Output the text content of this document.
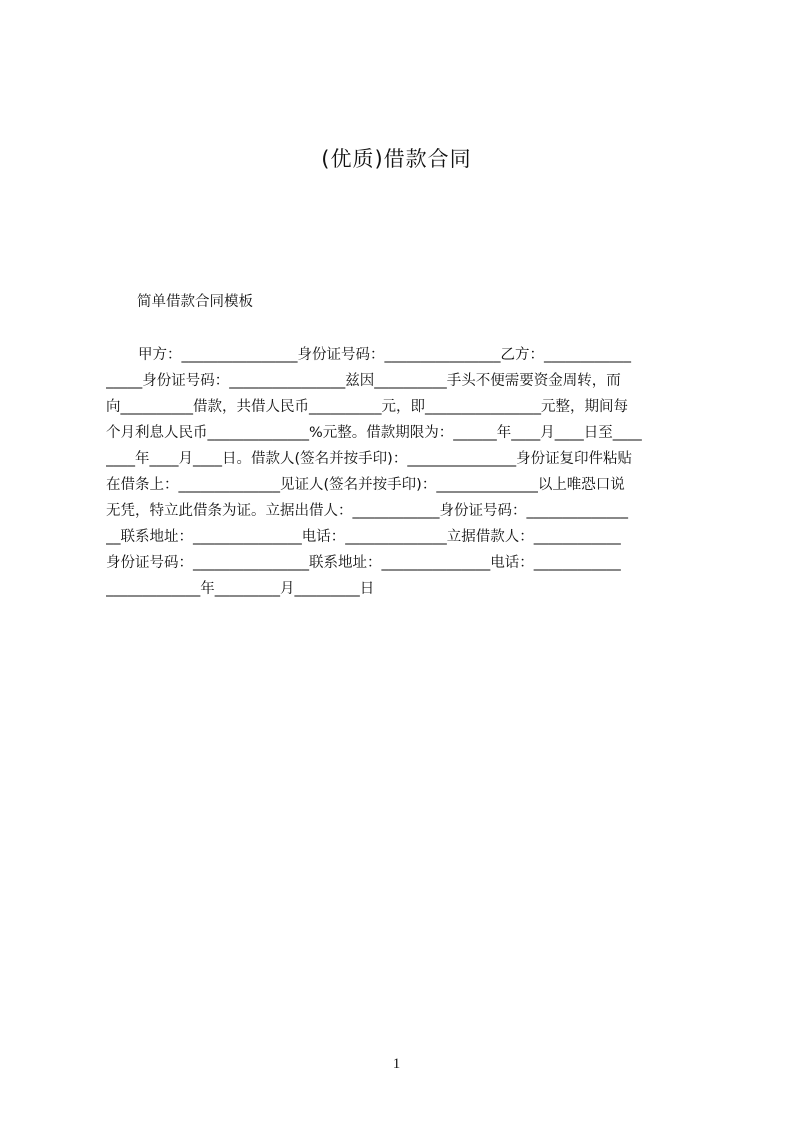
(优质)借款合同

简单借款合同模板

甲方：________________身份证号码：________________乙方：____________
_____身份证号码：________________兹因__________手头不便需要资金周转，而
向__________借款，共借人民币__________元，即________________元整，期间每
个月利息人民币______________%元整。借款期限为：______年____月____日至____
____年____月____日。借款人(签名并按手印)：_______________身份证复印件粘贴
在借条上：______________见证人(签名并按手印)：______________以上唯恐口说
无凭，特立此借条为证。立据出借人：____________身份证号码：______________
__联系地址：_______________电话：______________立据借款人：____________
身份证号码：________________联系地址：_______________电话：____________
_____________年_________月_________日
1
